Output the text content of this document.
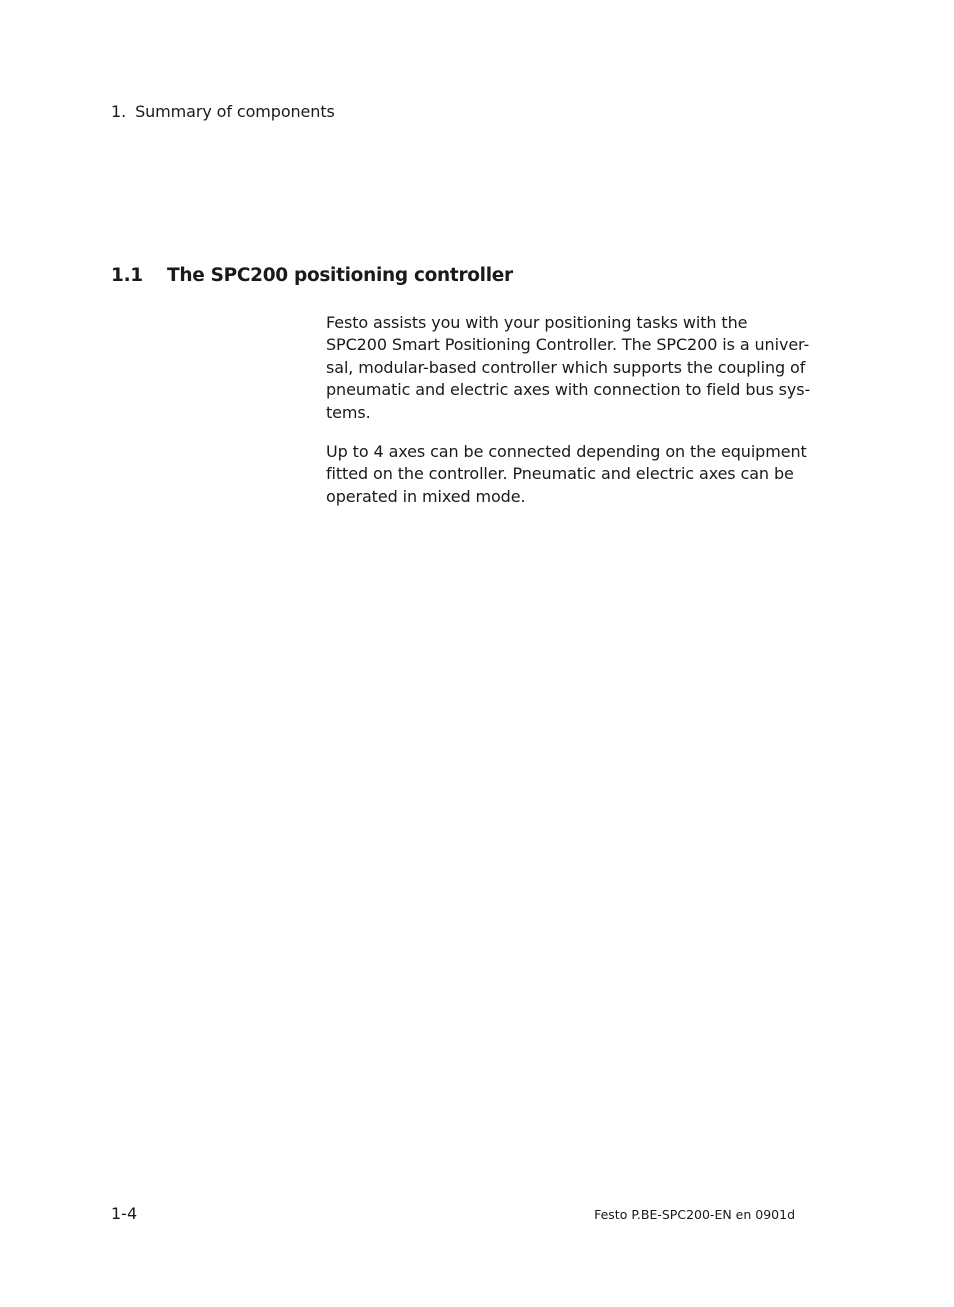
1. Summary of components
1.1 The SPC200 positioning controller

Festo assists you with your positioning tasks with the
SPC200 Smart Positioning Controller. The SPC200 is a univer-
sal, modular-based controller which supports the coupling of
pneumatic and electric axes with connection to field bus sys-
tems.

Up to 4 axes can be connected depending on the equipment
fitted on the controller. Pneumatic and electric axes can be
operated in mixed mode.

1-4	Festo P.BE-SPC200-EN en 0901d
